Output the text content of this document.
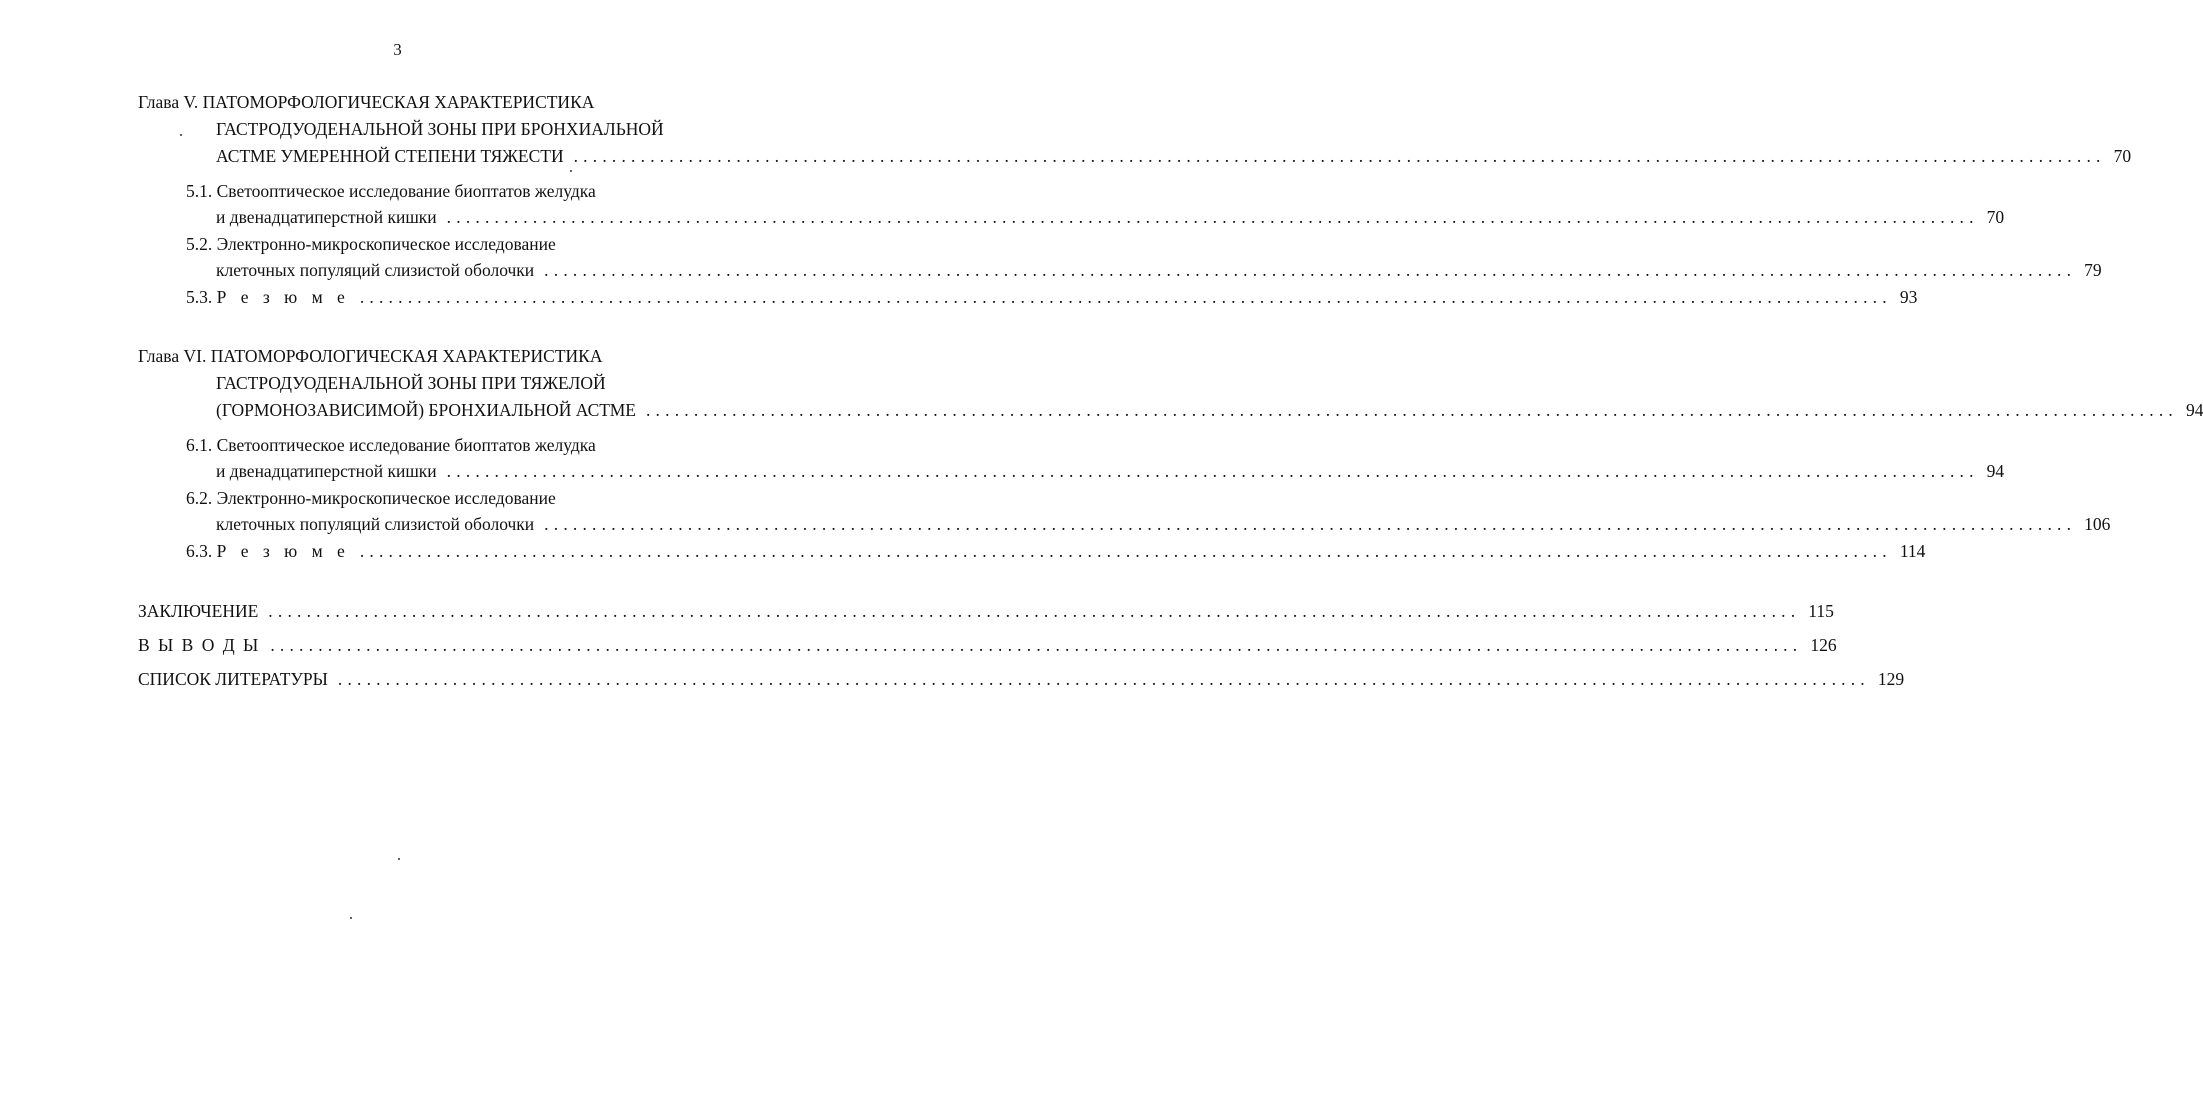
3
Глава V. ПАТОМОРФОЛОГИЧЕСКАЯ ХАРАКТЕРИСТИКА
ГАСТРОДУОДЕНАЛЬНОЙ ЗОНЫ ПРИ БРОНХИАЛЬНОЙ
АСТМЕ УМЕРЕННОЙ СТЕПЕНИ ТЯЖЕСТИ ................................................................................................................................................................ 70
5.1. Светооптическое исследование биоптатов желудка
и двенадцатиперстной кишки ................................................................................................................................................................ 70
5.2. Электронно-микроскопическое исследование
клеточных популяций слизистой оболочки ................................................................................................................................................................ 79
5.3. Р е з ю м е ................................................................................................................................................................ 93
Глава VI. ПАТОМОРФОЛОГИЧЕСКАЯ ХАРАКТЕРИСТИКА
ГАСТРОДУОДЕНАЛЬНОЙ ЗОНЫ ПРИ ТЯЖЕЛОЙ
(ГОРМОНОЗАВИСИМОЙ) БРОНХИАЛЬНОЙ АСТМЕ ................................................................................................................................................................ 94
6.1. Светооптическое исследование биоптатов желудка
и двенадцатиперстной кишки ................................................................................................................................................................ 94
6.2. Электронно-микроскопическое исследование
клеточных популяций слизистой оболочки ................................................................................................................................................................ 106
6.3. Р е з ю м е ................................................................................................................................................................ 114
ЗАКЛЮЧЕНИЕ ................................................................................................................................................................ 115
В Ы В О Д Ы ................................................................................................................................................................ 126
СПИСОК ЛИТЕРАТУРЫ ................................................................................................................................................................ 129
